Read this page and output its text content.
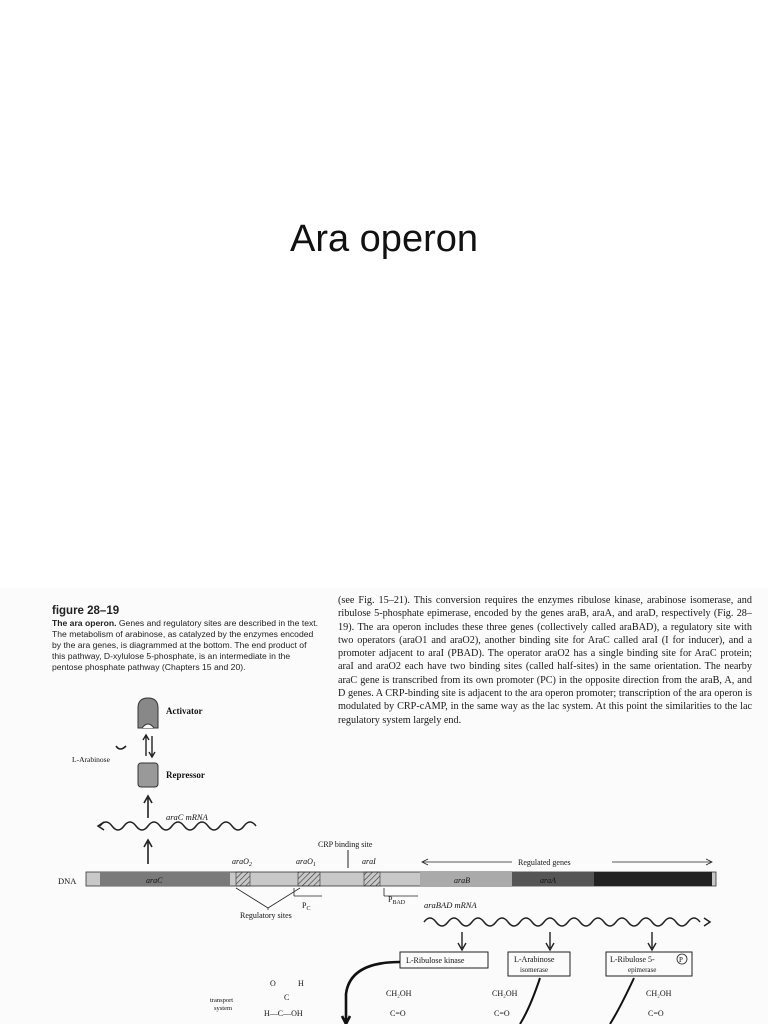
Ara operon
figure 28–19
The ara operon. Genes and regulatory sites are described in the text. The metabolism of arabinose, as catalyzed by the enzymes encoded by the ara genes, is diagrammed at the bottom. The end product of this pathway, D-xylulose 5-phosphate, is an intermediate in the pentose phosphate pathway (Chapters 15 and 20).

(see Fig. 15–21). This conversion requires the enzymes ribulose kinase, arabinose isomerase, and ribulose 5-phosphate epimerase, encoded by the genes araB, araA, and araD, respectively (Fig. 28–19). The ara operon includes these three genes (collectively called araBAD), a regulatory site with two operators (araO1 and araO2), another binding site for AraC called araI (I for inducer), and a promoter adjacent to araI (PBAD). The operator araO2 has a single binding site for AraC protein; araI and araO2 each have two binding sites (called half-sites) in the same orientation. The nearby araC gene is transcribed from its own promoter (PC) in the opposite direction from the araB, A, and D genes. A CRP-binding site is adjacent to the ara operon promoter; transcription of the ara operon is modulated by CRP-cAMP, in the same way as the lac system. At this point the similarities to the lac regulatory system largely end.

Activator
L-Arabinose
Repressor
araC mRNA
CRP binding site
araO$_2$	araO$_1$	araI	Regulated genes
DNA	araC	araB	araA
$P_C$
$P_{BAD}$
Regulatory sites
araBAD mRNA
L-Ribulose kinase	L-Arabinose
isomerase
L-Ribulose 5-	P
epimerase
O	H
C
H—C—OH
transport
system
CH₂OH
C=O
CH₂OH
C=O
CH₂OH
C=O
